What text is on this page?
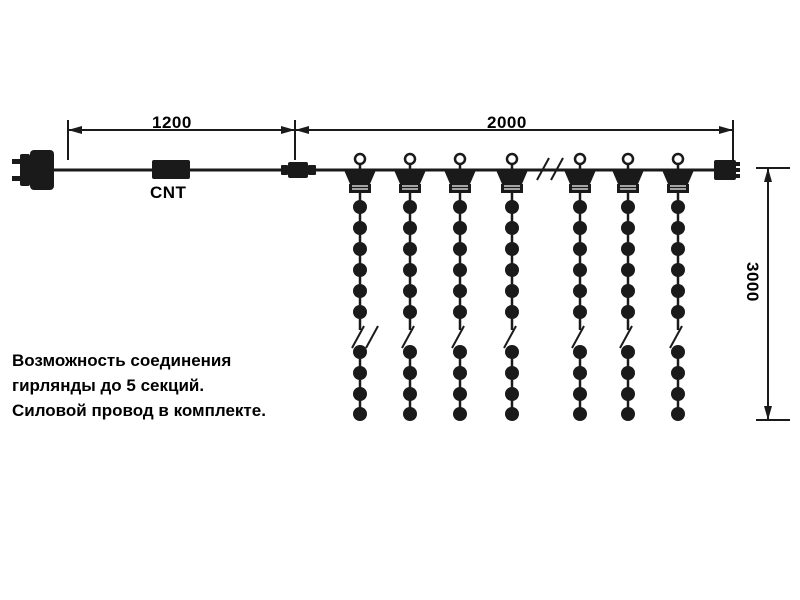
1200	2000
3000
CNT
Возможность соединения
гирлянды до 5 секций.
Силовой провод в комплекте.
